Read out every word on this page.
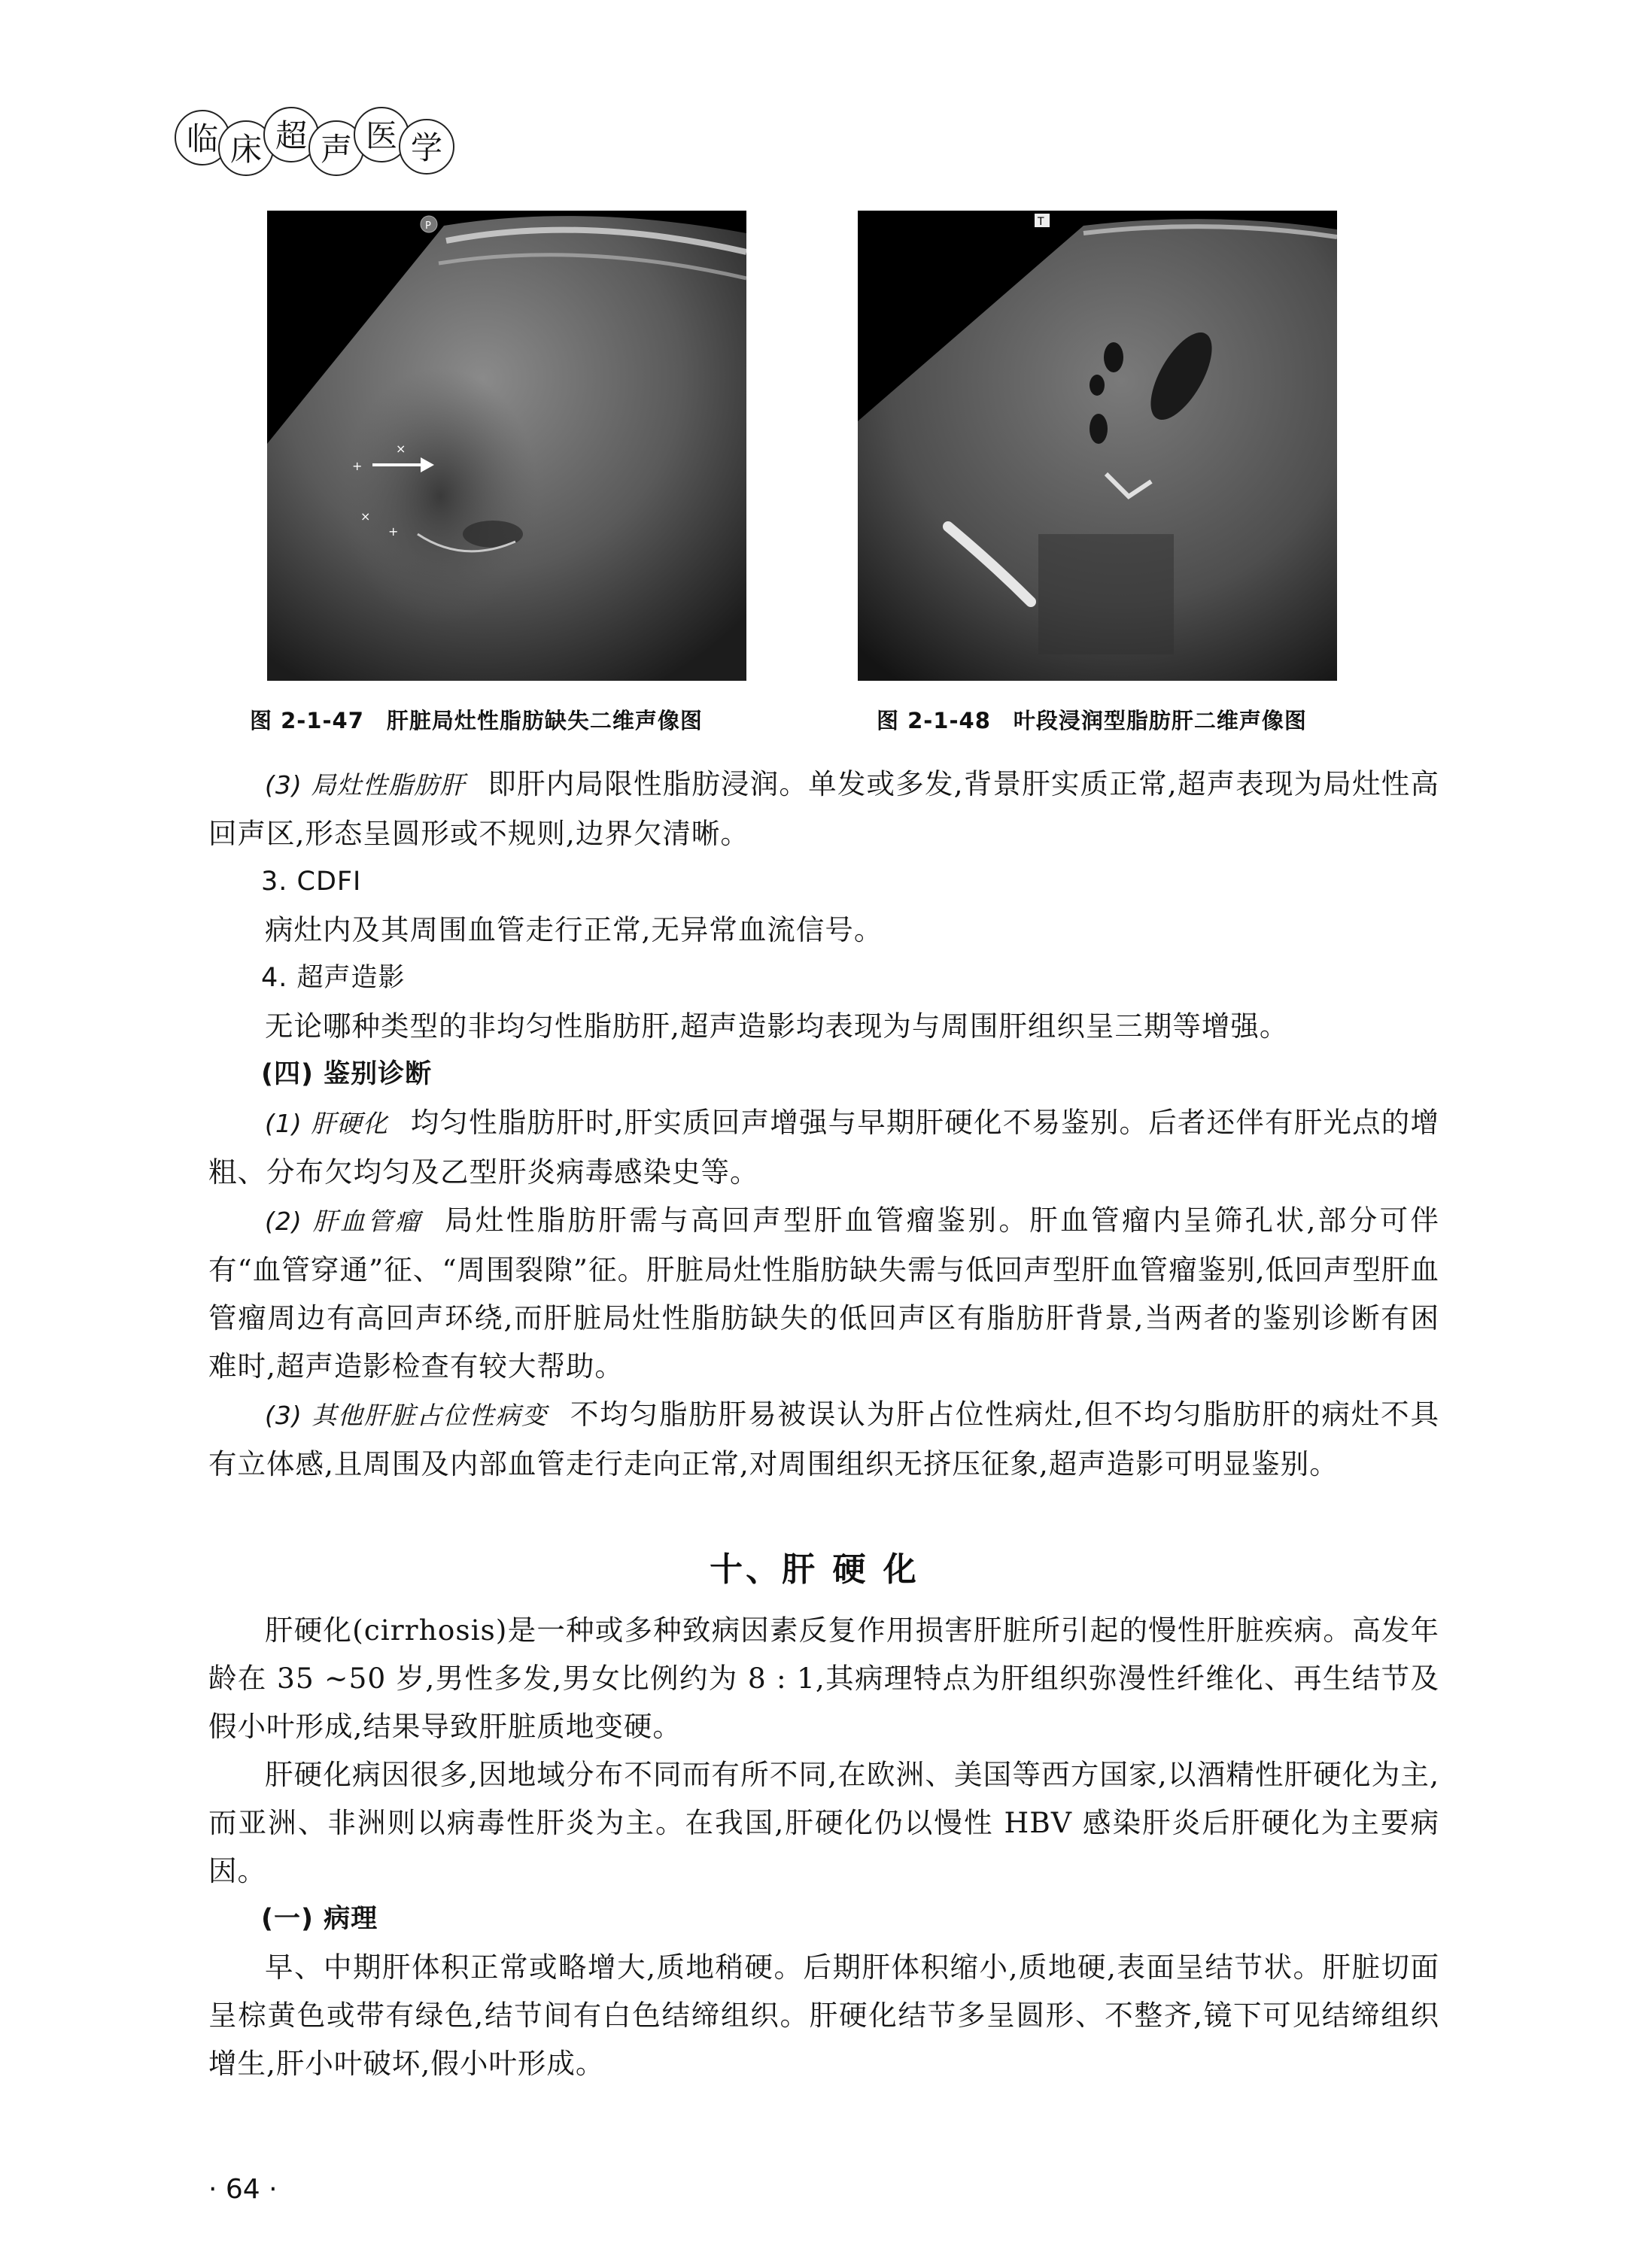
临 床 超 声 医 学
+
×
×
+
P	T
图 2-1-47　肝脏局灶性脂肪缺失二维声像图	图 2-1-48　叶段浸润型脂肪肝二维声像图

(3) 局灶性脂肪肝 即肝内局限性脂肪浸润。单发或多发,背景肝实质正常,超声表现为局灶性高回声区,形态呈圆形或不规则,边界欠清晰。

3. CDFI

病灶内及其周围血管走行正常,无异常血流信号。

4. 超声造影

无论哪种类型的非均匀性脂肪肝,超声造影均表现为与周围肝组织呈三期等增强。

(四) 鉴别诊断

(1) 肝硬化 均匀性脂肪肝时,肝实质回声增强与早期肝硬化不易鉴别。后者还伴有肝光点的增粗、分布欠均匀及乙型肝炎病毒感染史等。

(2) 肝血管瘤 局灶性脂肪肝需与高回声型肝血管瘤鉴别。肝血管瘤内呈筛孔状,部分可伴有“血管穿通”征、“周围裂隙”征。肝脏局灶性脂肪缺失需与低回声型肝血管瘤鉴别,低回声型肝血管瘤周边有高回声环绕,而肝脏局灶性脂肪缺失的低回声区有脂肪肝背景,当两者的鉴别诊断有困难时,超声造影检查有较大帮助。

(3) 其他肝脏占位性病变 不均匀脂肪肝易被误认为肝占位性病灶,但不均匀脂肪肝的病灶不具有立体感,且周围及内部血管走行走向正常,对周围组织无挤压征象,超声造影可明显鉴别。

十、肝 硬 化

肝硬化(cirrhosis)是一种或多种致病因素反复作用损害肝脏所引起的慢性肝脏疾病。高发年龄在 35 ~50 岁,男性多发,男女比例约为 8 : 1,其病理特点为肝组织弥漫性纤维化、再生结节及假小叶形成,结果导致肝脏质地变硬。

肝硬化病因很多,因地域分布不同而有所不同,在欧洲、美国等西方国家,以酒精性肝硬化为主,而亚洲、非洲则以病毒性肝炎为主。在我国,肝硬化仍以慢性 HBV 感染肝炎后肝硬化为主要病因。

(一) 病理

早、中期肝体积正常或略增大,质地稍硬。后期肝体积缩小,质地硬,表面呈结节状。肝脏切面呈棕黄色或带有绿色,结节间有白色结缔组织。肝硬化结节多呈圆形、不整齐,镜下可见结缔组织增生,肝小叶破坏,假小叶形成。

· 64 ·
